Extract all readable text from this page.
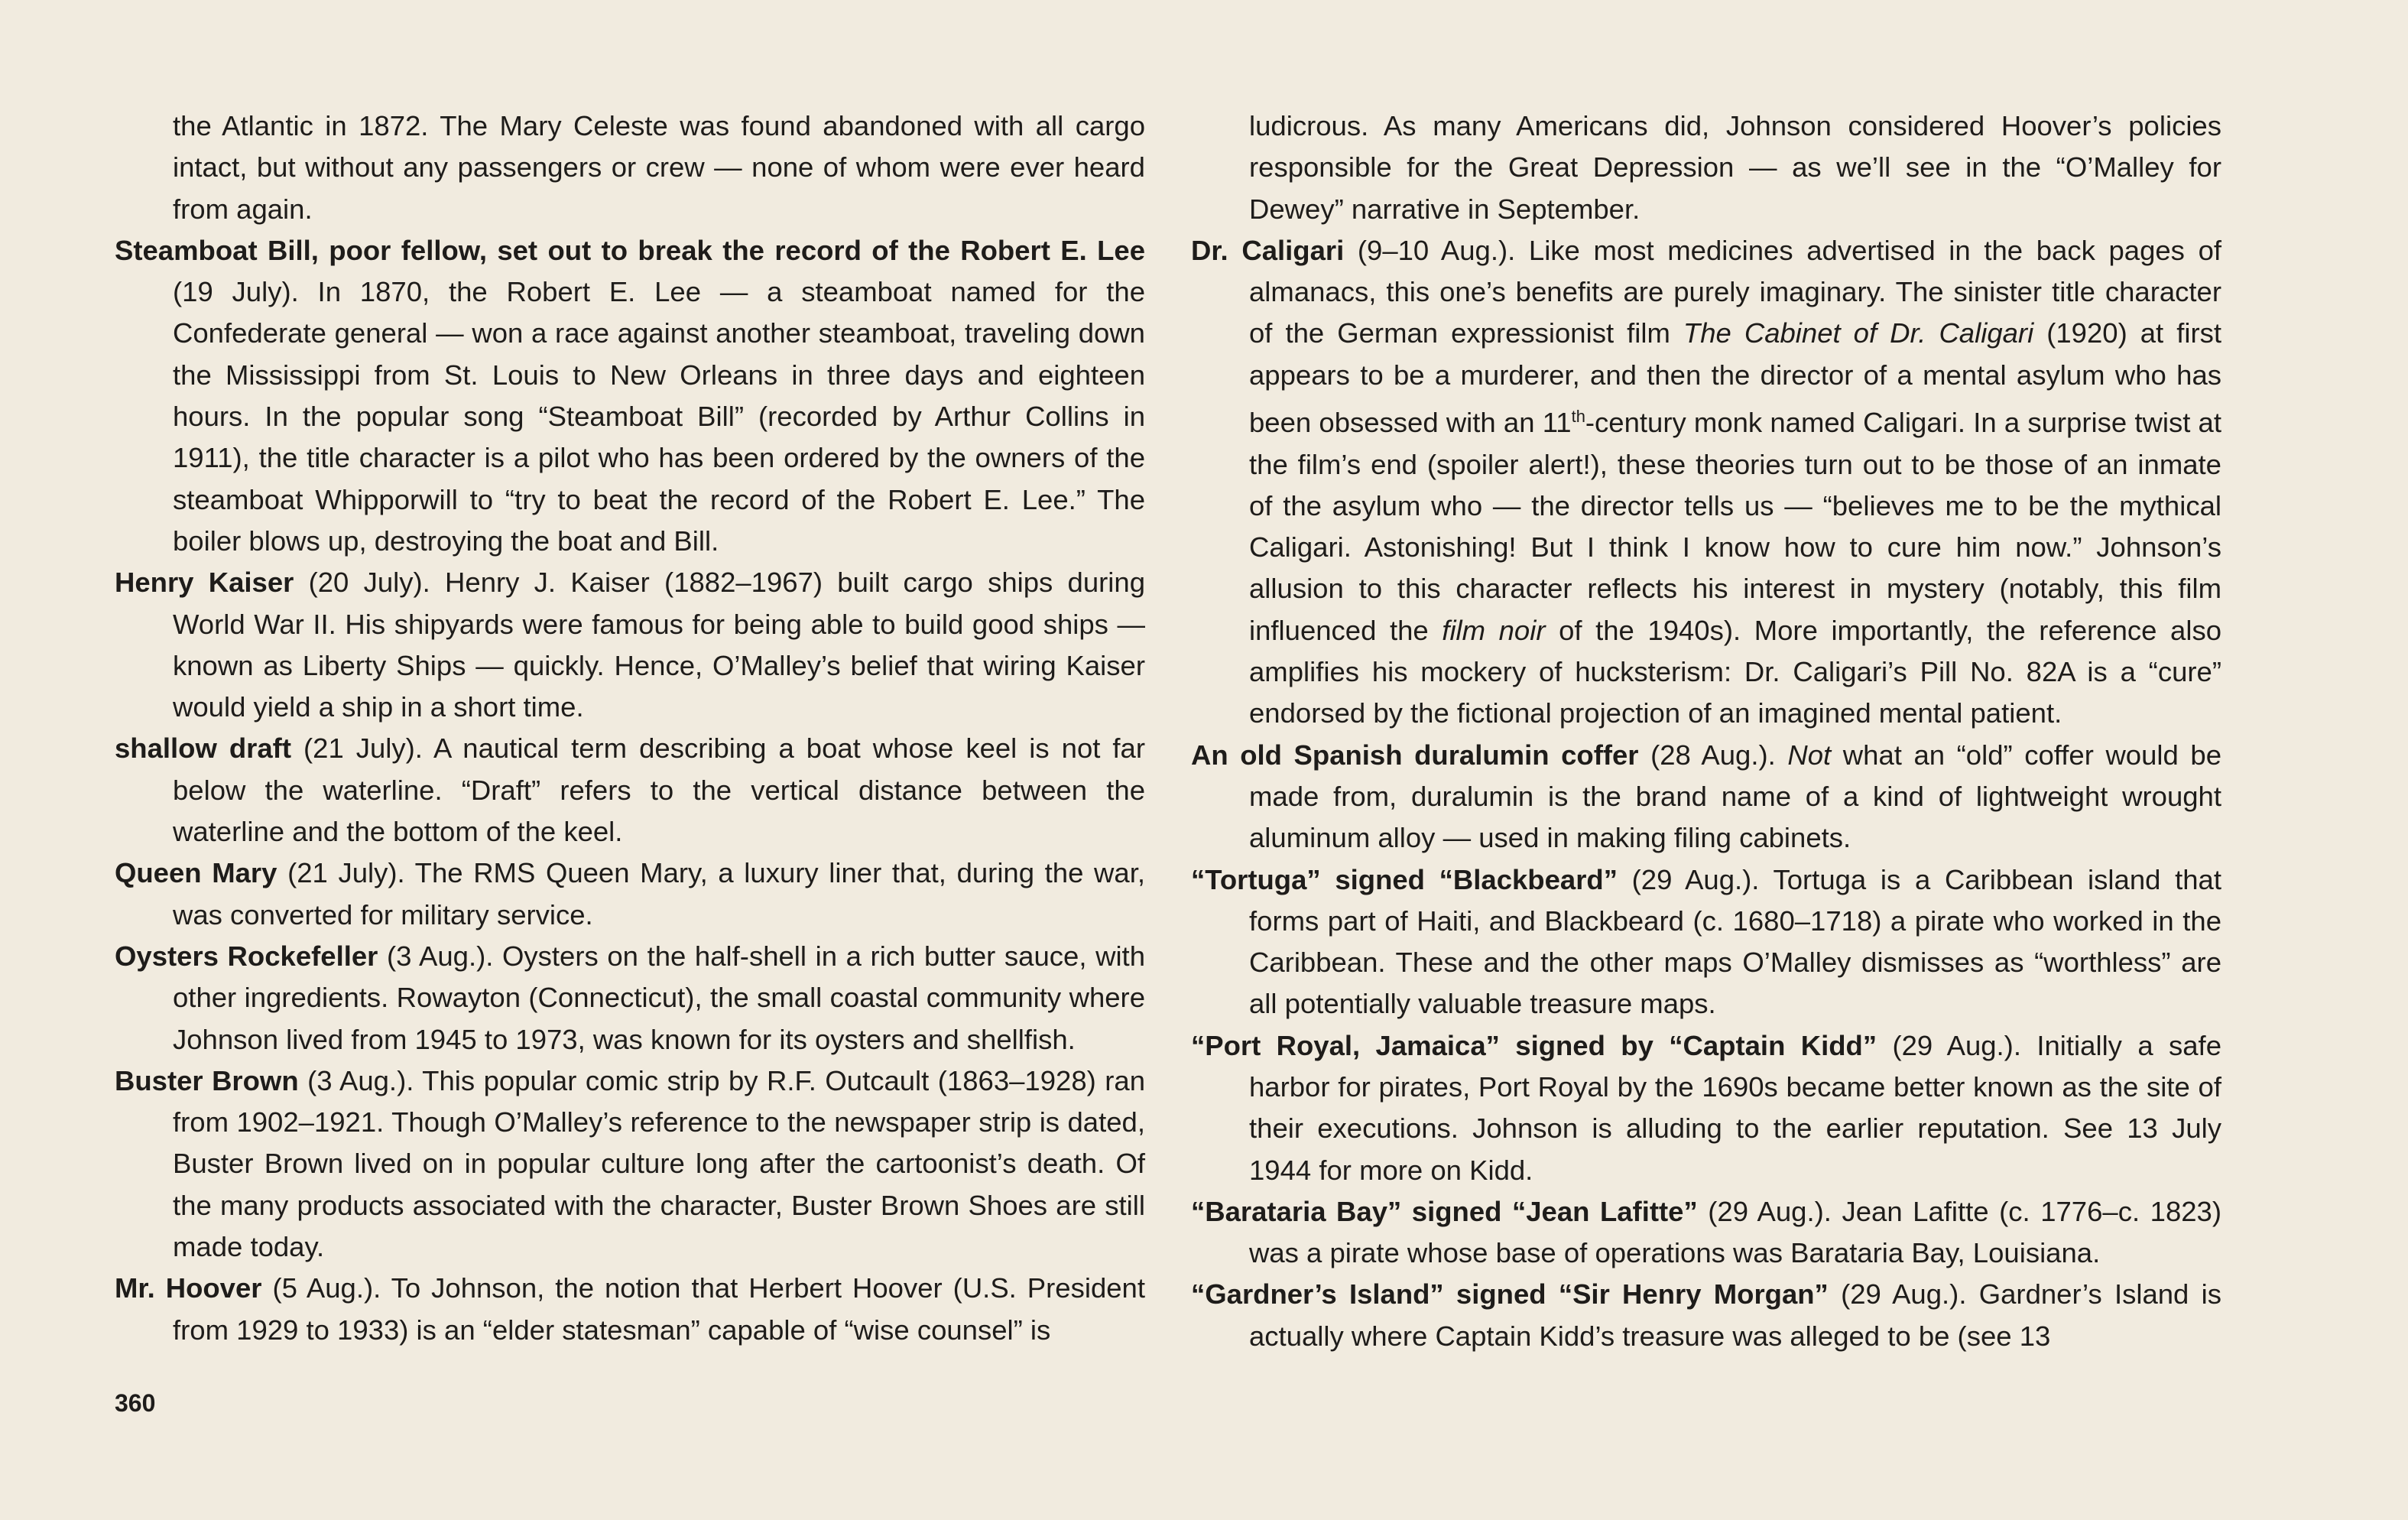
the Atlantic in 1872. The Mary Celeste was found abandoned with all cargo intact, but without any passengers or crew — none of whom were ever heard from again.

Steamboat Bill, poor fellow, set out to break the record of the Robert E. Lee (19 July). In 1870, the Robert E. Lee — a steamboat named for the Confederate general — won a race against another steamboat, traveling down the Mississippi from St. Louis to New Orleans in three days and eighteen hours. In the popular song “Steamboat Bill” (recorded by Arthur Collins in 1911), the title character is a pilot who has been ordered by the owners of the steamboat Whipporwill to “try to beat the record of the Robert E. Lee.” The boiler blows up, destroying the boat and Bill.

Henry Kaiser (20 July). Henry J. Kaiser (1882–1967) built cargo ships during World War II. His shipyards were famous for being able to build good ships — known as Liberty Ships — quickly. Hence, O’Malley’s belief that wiring Kaiser would yield a ship in a short time.

shallow draft (21 July). A nautical term describing a boat whose keel is not far below the waterline. “Draft” refers to the vertical distance between the waterline and the bottom of the keel.

Queen Mary (21 July). The RMS Queen Mary, a luxury liner that, during the war, was converted for military service.

Oysters Rockefeller (3 Aug.). Oysters on the half-shell in a rich butter sauce, with other ingredients. Rowayton (Connecticut), the small coastal community where Johnson lived from 1945 to 1973, was known for its oysters and shellfish.

Buster Brown (3 Aug.). This popular comic strip by R.F. Outcault (1863–1928) ran from 1902–1921. Though O’Malley’s reference to the newspaper strip is dated, Buster Brown lived on in popular culture long after the cartoonist’s death. Of the many products associated with the character, Buster Brown Shoes are still made today.

Mr. Hoover (5 Aug.). To Johnson, the notion that Herbert Hoover (U.S. President from 1929 to 1933) is an “elder statesman” capable of “wise counsel” is

ludicrous. As many Americans did, Johnson considered Hoover’s policies responsible for the Great Depression — as we’ll see in the “O’Malley for Dewey” narrative in September.

Dr. Caligari (9–10 Aug.). Like most medicines advertised in the back pages of almanacs, this one’s benefits are purely imaginary. The sinister title character of the German expressionist film The Cabinet of Dr. Caligari (1920) at first appears to be a murderer, and then the director of a mental asylum who has been obsessed with an 11th-century monk named Caligari. In a surprise twist at the film’s end (spoiler alert!), these theories turn out to be those of an inmate of the asylum who — the director tells us — “believes me to be the mythical Caligari. Astonishing! But I think I know how to cure him now.” Johnson’s allusion to this character reflects his interest in mystery (notably, this film influenced the film noir of the 1940s). More importantly, the reference also amplifies his mockery of hucksterism: Dr. Caligari’s Pill No. 82A is a “cure” endorsed by the fictional projection of an imagined mental patient.

An old Spanish duralumin coffer (28 Aug.). Not what an “old” coffer would be made from, duralumin is the brand name of a kind of lightweight wrought aluminum alloy — used in making filing cabinets.

“Tortuga” signed “Blackbeard” (29 Aug.). Tortuga is a Caribbean island that forms part of Haiti, and Blackbeard (c. 1680–1718) a pirate who worked in the Caribbean. These and the other maps O’Malley dismisses as “worthless” are all potentially valuable treasure maps.

“Port Royal, Jamaica” signed by “Captain Kidd” (29 Aug.). Initially a safe harbor for pirates, Port Royal by the 1690s became better known as the site of their executions. Johnson is alluding to the earlier reputation. See 13 July 1944 for more on Kidd.

“Barataria Bay” signed “Jean Lafitte” (29 Aug.). Jean Lafitte (c. 1776–c. 1823) was a pirate whose base of operations was Barataria Bay, Louisiana.

“Gardner’s Island” signed “Sir Henry Morgan” (29 Aug.). Gardner’s Island is actually where Captain Kidd’s treasure was alleged to be (see 13

360
